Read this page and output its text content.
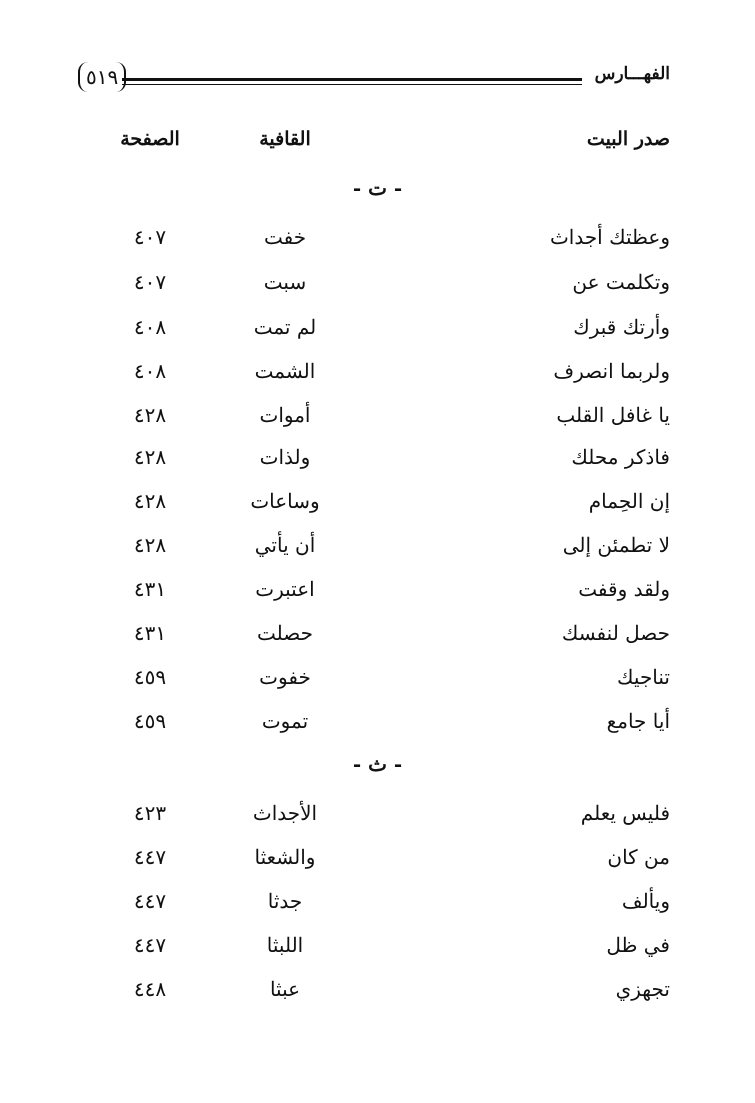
٥١٩	الفهـــارس
صدر البيت
القافية
الصفحة
- ت -
وعظتك أجداث
خفت
٤٠٧
وتكلمت عن
سبت
٤٠٧
وأرتك قبرك
لم تمت
٤٠٨
ولربما انصرف
الشمت
٤٠٨
يا غافل القلب
أموات
٤٢٨
فاذكر محلك
ولذات
٤٢٨
إن الحِمام
وساعات
٤٢٨
لا تطمئن إلى
أن يأتي
٤٢٨
ولقد وقفت
اعتبرت
٤٣١
حصل لنفسك
حصلت
٤٣١
تناجيك
خفوت
٤٥٩
أيا جامع
تموت
٤٥٩
- ث -
فليس يعلم
الأجداث
٤٢٣
من كان
والشعثا
٤٤٧
ويألف
جدثا
٤٤٧
في ظل
اللبثا
٤٤٧
تجهزي
عبثا
٤٤٨
